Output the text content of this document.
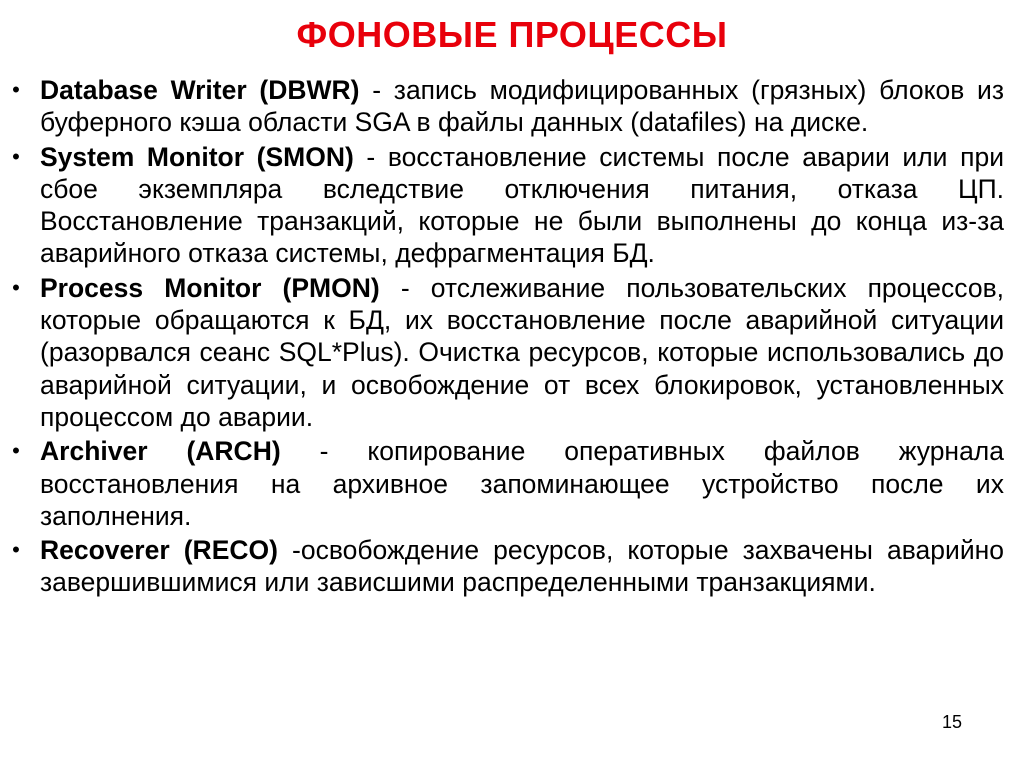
ФОНОВЫЕ ПРОЦЕССЫ
• Database Writer (DBWR) - запись модифицированных (грязных) блоков из буферного кэша области SGA в файлы данных (datafiles) на диске.
• System Monitor (SMON) - восстановление системы после аварии или при сбое экземпляра вследствие отключения питания, отказа ЦП. Восстановление транзакций, которые не были выполнены до конца из-за аварийного отказа системы, дефрагментация БД.
• Process Monitor (PMON) - отслеживание пользовательских процессов, которые обращаются к БД, их восстановление после аварийной ситуации (разорвался сеанс SQL*Plus). Очистка ресурсов, которые использовались до аварийной ситуации, и освобождение от всех блокировок, установленных процессом до аварии.
• Archiver (ARCH) - копирование оперативных файлов журнала восстановления на архивное запоминающее устройство после их заполнения.
• Recoverer (RECO) -освобождение ресурсов, которые захвачены аварийно завершившимися или зависшими распределенными транзакциями.
15
